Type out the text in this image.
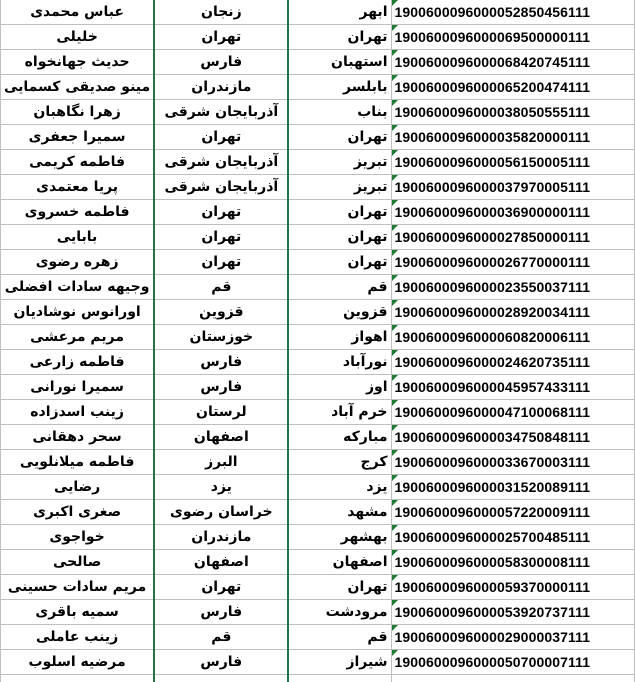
عباس محمدی	زنجان	ابهر	19006000960000528504561​11
خلیلی	تهران	تهران	1900600096000069500000111
حدیث جهانخواه	فارس	استهبان	1900600096000068420745111
مینو صدیقی کسمایی	مازندران	بابلسر	1900600096000065200474111
زهرا نگاهبان	آذربایجان شرقی	بناب	1900600096000038050555111
سمیرا جعفری	تهران	تهران	1900600096000035820000111
فاطمه کریمی	آذربایجان شرقی	تبریز	1900600096000056150005111
پریا معتمدی	آذربایجان شرقی	تبریز	1900600096000037970005111
فاطمه خسروی	تهران	تهران	1900600096000036900000111
بابایی	تهران	تهران	1900600096000027850000111
زهره رضوی	تهران	تهران	1900600096000026770000111
وجیهه سادات افضلی	قم	قم	1900600096000023550037111
اورانوس نوشادیان	قزوین	قزوین	1900600096000028920034111
مریم مرعشی	خوزستان	اهواز	1900600096000060820006111
فاطمه زارعی	فارس	نورآباد	1900600096000024620735111
سمیرا نورانی	فارس	اوز	1900600096000045957433111
زینب اسدزاده	لرستان	خرم آباد	1900600096000047100068111
سحر دهقانی	اصفهان	مبارکه	1900600096000034750848111
فاطمه میلانلویی	البرز	کرج	1900600096000033670003111
رضایی	یزد	یزد	1900600096000031520089111
صغری اکبری	خراسان رضوی	مشهد	1900600096000057220009111
خواجوی	مازندران	بهشهر	1900600096000025700485111
صالحی	اصفهان	اصفهان	1900600096000058300008111
مریم سادات حسینی	تهران	تهران	1900600096000059370000111
سمیه باقری	فارس	مرودشت	1900600096000053920737111
زینب عاملی	قم	قم	1900600096000029000037111
مرضیه اسلوب	فارس	شیراز	1900600096000050700007111
